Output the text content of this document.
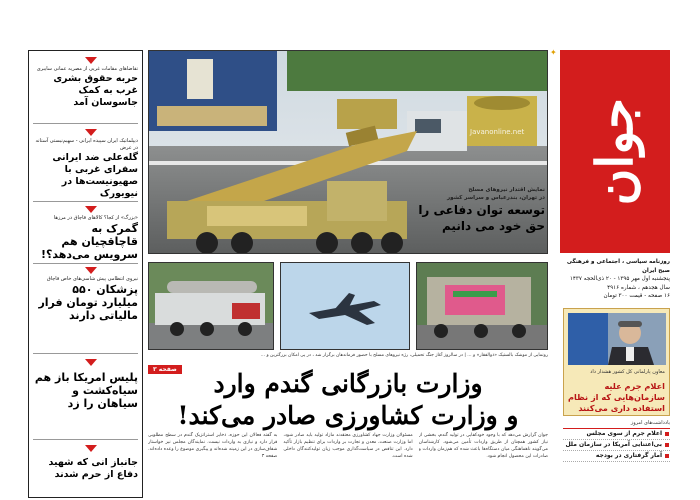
تقاضاهای مقامات غربی از مصریه عمانی سایبری
حربه حقوق بشری غرب به کمک جاسوسان آمد
دیپلماتیک ایران سپیده ایرانی - سهیم‌نیستی آستانه در عرض
گله‌علی ضد ایرانی سفرای غربی با صهیونیست‌ها در نیویورک
«بزرگ» از کجا؟ کالاهای قاچاق در مرزها
گمرک به قاچاقچیان هم سرویس می‌دهد؟!
نیروی انتظامی پیش شاسی‌های خاص قاچاق
پزشکان ۵۵۰ میلیارد تومان فرار مالیاتی دارند
پلیس امریکا باز هم سیاه‌کشت و سیاهان را زد
جانباز انی که شهید دفاع از حرم شدند
Javanonline.net
نمایش اقتدار نیروهای مسلح
در تهران، بندرعباس و سراسر کشور
توسعه توان دفاعی را
حق خود می دانیم
رونمایی از موشک بالستیک «ذوالفقار» و ... | در سالروز آغاز جنگ تحمیلی، رژه نیروهای مسلح با حضور فرماندهان برگزار شد ، در پی امکان بزرگترین و ...
صفحه ۳	وزارت بازرگانی گندم وارد
و وزارت کشاورزی صادر می‌کند!
جوان گزارش می‌دهد که با وجود خودکفایی در تولید گندم، بخشی از نیاز کشور همچنان از طریق واردات تأمین می‌شود. کارشناسان می‌گویند ناهماهنگی میان دستگاه‌ها باعث شده که هم‌زمان واردات و صادرات این محصول انجام شود.
مسئولان وزارت جهاد کشاورزی معتقدند مازاد تولید باید صادر شود، اما وزارت صنعت، معدن و تجارت بر واردات برای تنظیم بازار تأکید دارد. این تناقض در سیاست‌گذاری موجب زیان تولیدکنندگان داخلی شده است.
به گفته فعالان این حوزه، ذخایر استراتژیک گندم در سطح مطلوبی قرار دارد و نیازی به واردات نیست. نمایندگان مجلس نیز خواستار شفاف‌سازی در این زمینه شده‌اند و پیگیری موضوع را وعده داده‌اند. صفحه ۳
✦
جوان
روزنامه سیاسی ، اجتماعی و فرهنگی صبح ایران
پنجشنبه اول مهر ۱۳۹۵ - ۲۰ ذی‌الحجه ۱۴۳۷
سال هجدهم ، شماره ۴۹۱۶
۱۶ صفحه - قیمت ۳۰۰ تومان
معاون پارلمانی کل کشور هشدار داد
اعلام جرم علیه سازمان‌هایی که از نظام استفاده داری می‌کنند
یادداشت‌های امروز
اعلام جرم از سوی مجلس
بی‌اعتنایی آمریکا در سازمان ملل
آمار گرفتاری در بودجه
